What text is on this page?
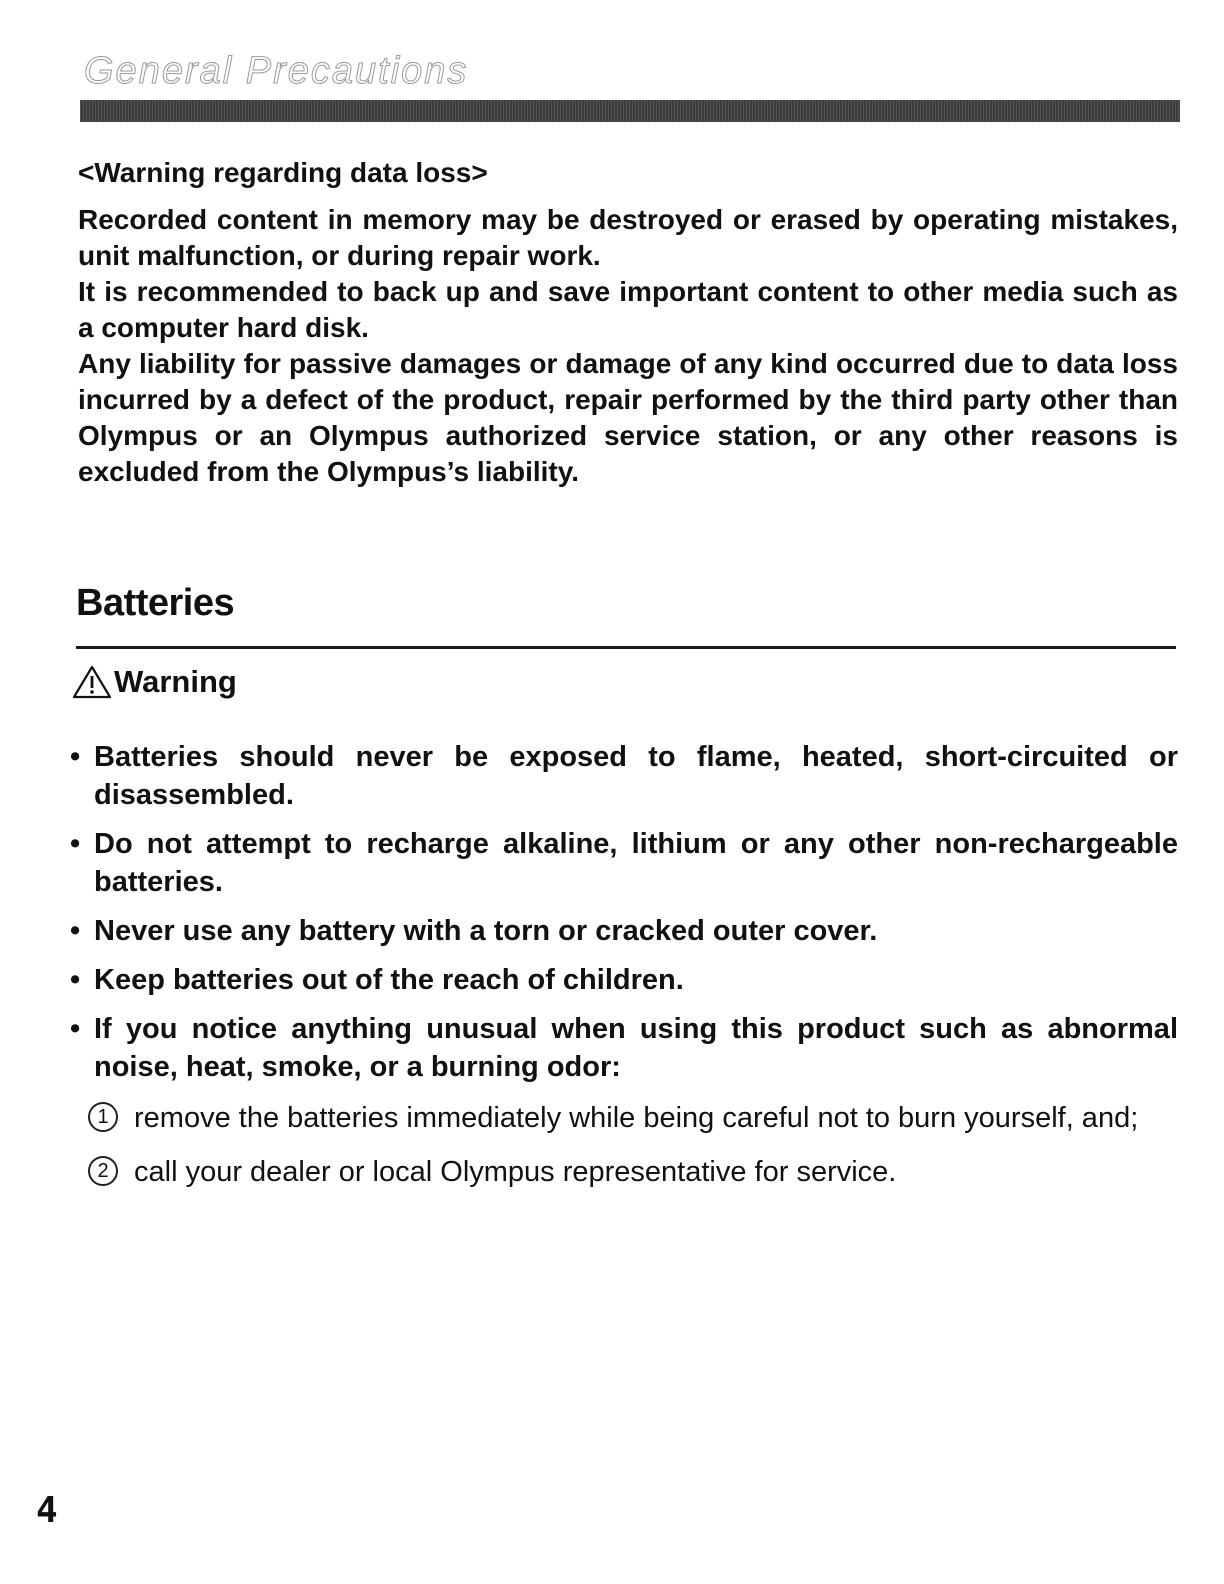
General Precautions
<Warning regarding data loss>

Recorded content in memory may be destroyed or erased by operating mistakes, unit malfunction, or during repair work.

It is recommended to back up and save important content to other media such as a computer hard disk.

Any liability for passive damages or damage of any kind occurred due to data loss incurred by a defect of the product, repair performed by the third party other than Olympus or an Olympus authorized service station, or any other reasons is excluded from the Olympus’s liability.

Batteries
Warning
• Batteries should never be exposed to flame, heated, short-circuited or disassembled.
• Do not attempt to recharge alkaline, lithium or any other non-rechargeable batteries.
• Never use any battery with a torn or cracked outer cover.
• Keep batteries out of the reach of children.
• If you notice anything unusual when using this product such as abnormal noise, heat, smoke, or a burning odor:
1 remove the batteries immediately while being careful not to burn yourself, and;
2 call your dealer or local Olympus representative for service.
4
